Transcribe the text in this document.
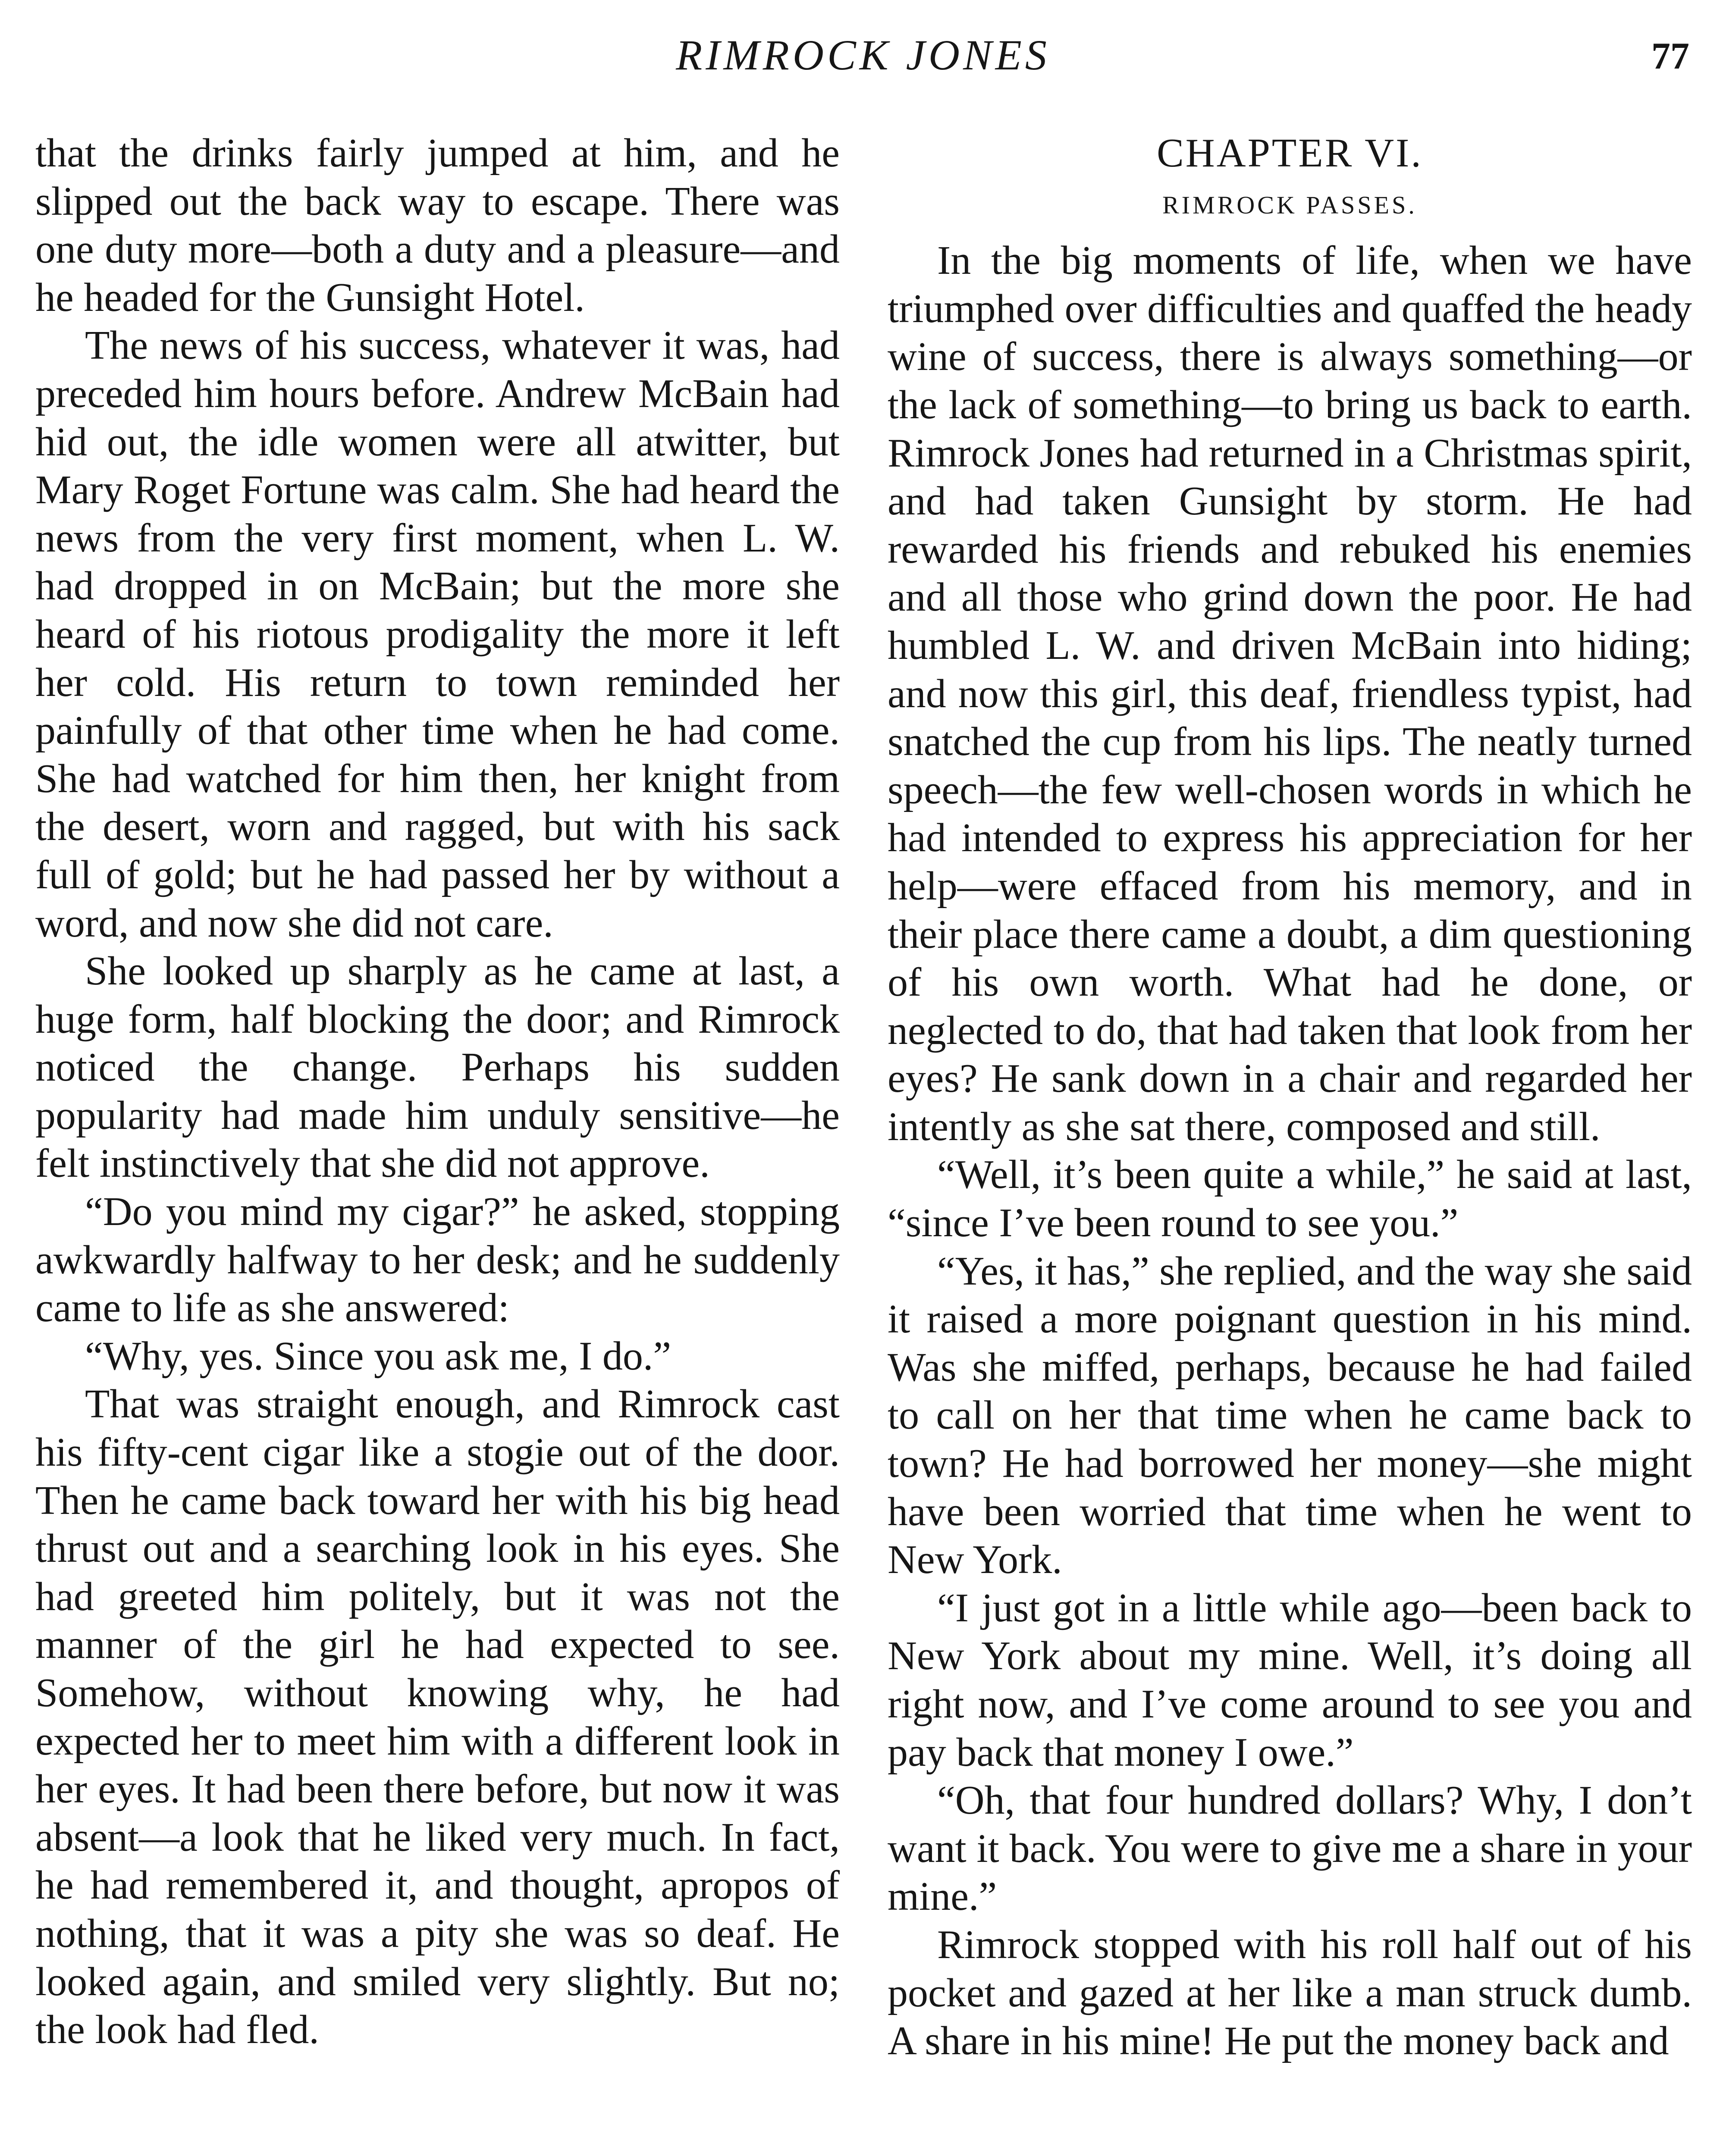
RIMROCK JONES	77

that the drinks fairly jumped at him, and he slipped out the back way to escape. There was one duty more—both a duty and a pleasure—and he headed for the Gunsight Hotel.

The news of his success, whatever it was, had preceded him hours before. Andrew McBain had hid out, the idle women were all atwitter, but Mary Roget Fortune was calm. She had heard the news from the very first moment, when L. W. had dropped in on McBain; but the more she heard of his riotous prodigality the more it left her cold. His return to town reminded her painfully of that other time when he had come. She had watched for him then, her knight from the desert, worn and ragged, but with his sack full of gold; but he had passed her by without a word, and now she did not care.

She looked up sharply as he came at last, a huge form, half blocking the door; and Rimrock noticed the change. Perhaps his sudden popularity had made him unduly sensitive—he felt instinctively that she did not approve.

“Do you mind my cigar?” he asked, stopping awkwardly halfway to her desk; and he suddenly came to life as she answered:

“Why, yes. Since you ask me, I do.”

That was straight enough, and Rimrock cast his fifty-cent cigar like a stogie out of the door. Then he came back toward her with his big head thrust out and a searching look in his eyes. She had greeted him politely, but it was not the manner of the girl he had expected to see. Somehow, without knowing why, he had expected her to meet him with a different look in her eyes. It had been there before, but now it was absent—a look that he liked very much. In fact, he had remembered it, and thought, apropos of nothing, that it was a pity she was so deaf. He looked again, and smiled very slightly. But no; the look had fled.

CHAPTER VI.

RIMROCK PASSES.

In the big moments of life, when we have triumphed over difficulties and quaffed the heady wine of success, there is always something—or the lack of something—to bring us back to earth. Rimrock Jones had returned in a Christmas spirit, and had taken Gunsight by storm. He had rewarded his friends and rebuked his enemies and all those who grind down the poor. He had humbled L. W. and driven McBain into hiding; and now this girl, this deaf, friendless typist, had snatched the cup from his lips. The neatly turned speech—the few well-chosen words in which he had intended to express his appreciation for her help—were effaced from his memory, and in their place there came a doubt, a dim questioning of his own worth. What had he done, or neglected to do, that had taken that look from her eyes? He sank down in a chair and regarded her intently as she sat there, composed and still.

“Well, it’s been quite a while,” he said at last, “since I’ve been round to see you.”

“Yes, it has,” she replied, and the way she said it raised a more poignant question in his mind. Was she miffed, perhaps, because he had failed to call on her that time when he came back to town? He had borrowed her money—she might have been worried that time when he went to New York.

“I just got in a little while ago—been back to New York about my mine. Well, it’s doing all right now, and I’ve come around to see you and pay back that money I owe.”

“Oh, that four hundred dollars? Why, I don’t want it back. You were to give me a share in your mine.”

Rimrock stopped with his roll half out of his pocket and gazed at her like a man struck dumb. A share in his mine! He put the money back and
